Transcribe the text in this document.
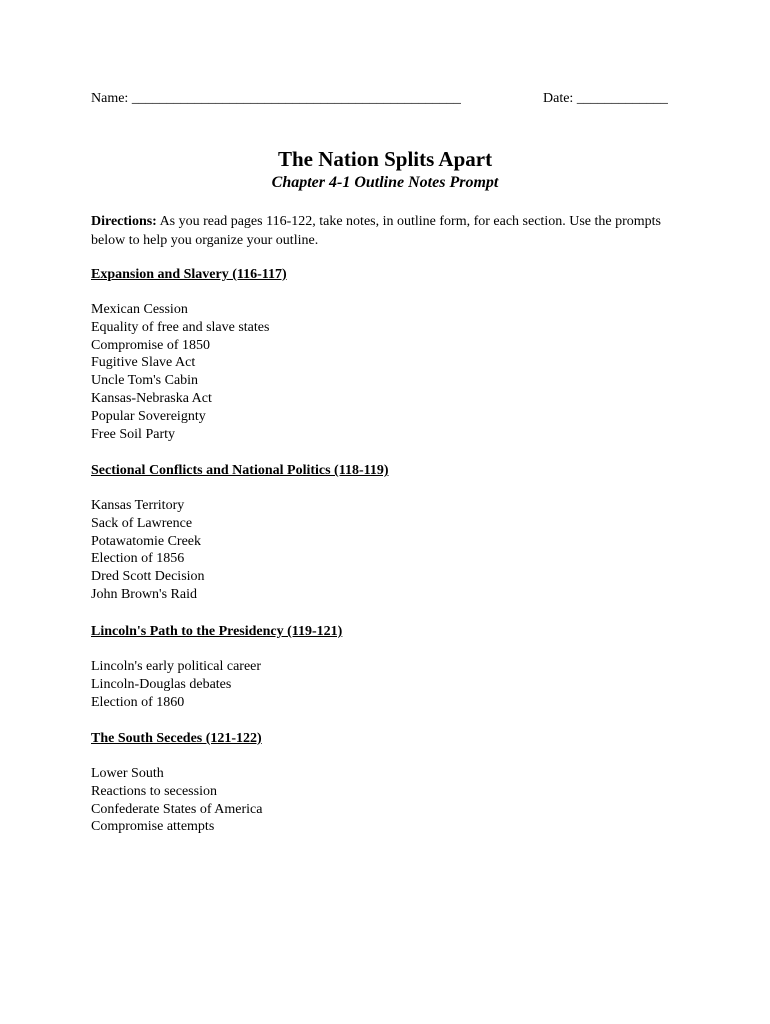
Name: _______________________________________________	Date: _____________
The Nation Splits Apart
Chapter 4-1 Outline Notes Prompt
Directions: As you read pages 116-122, take notes, in outline form, for each section. Use the prompts below to help you organize your outline.
Expansion and Slavery (116-117)
Mexican Cession
Equality of free and slave states
Compromise of 1850
Fugitive Slave Act
Uncle Tom's Cabin
Kansas-Nebraska Act
Popular Sovereignty
Free Soil Party
Sectional Conflicts and National Politics (118-119)
Kansas Territory
Sack of Lawrence
Potawatomie Creek
Election of 1856
Dred Scott Decision
John Brown's Raid
Lincoln's Path to the Presidency (119-121)
Lincoln's early political career
Lincoln-Douglas debates
Election of 1860
The South Secedes (121-122)
Lower South
Reactions to secession
Confederate States of America
Compromise attempts
